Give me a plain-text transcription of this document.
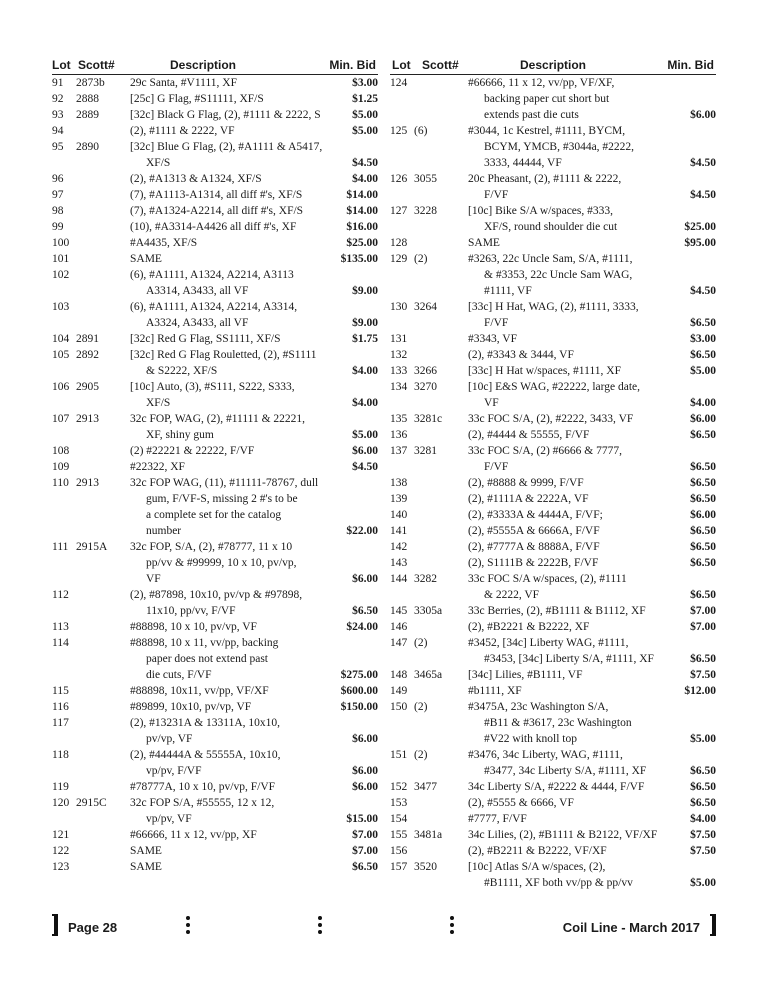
Lot Scott#	Description	Min. Bid
91	2873b	29c Santa, #V1111, XF	$3.00
92	2888	[25c] G Flag, #S11111, XF/S	$1.25
93	2889	[32c] Black G Flag, (2), #1111 & 2222, S	$5.00
94	(2), #1111 & 2222, VF	$5.00
95	2890	[32c] Blue G Flag, (2), #A1111 & A5417,
XF/S	$4.50
96	(2), #A1313 & A1324, XF/S	$4.00
97	(7), #A1113-A1314, all diff #'s, XF/S	$14.00
98	(7), #A1324-A2214, all diff #'s, XF/S	$14.00
99	(10), #A3314-A4426 all diff #'s, XF	$16.00
100	#A4435, XF/S	$25.00
101	SAME	$135.00
102	(6), #A1111, A1324, A2214, A3113
A3314, A3433, all VF	$9.00
103	(6), #A1111, A1324, A2214, A3314,
A3324, A3433, all VF	$9.00
104 2891	[32c] Red G Flag, SS1111, XF/S	$1.75
105 2892	[32c] Red G Flag Rouletted, (2), #S1111
& S2222, XF/S	$4.00
106 2905	[10c] Auto, (3), #S111, S222, S333,
XF/S	$4.00
107 2913	32c FOP, WAG, (2), #11111 & 22221,
XF, shiny gum	$5.00
108	(2) #22221 & 22222, F/VF	$6.00
109	#22322, XF	$4.50
110 2913	32c FOP WAG, (11), #11111-78767, dull
gum, F/VF-S, missing 2 #'s to be
a complete set for the catalog
number	$22.00
111 2915A	32c FOP, S/A, (2), #78777, 11 x 10
pp/vv & #99999, 10 x 10, pv/vp,
VF	$6.00
112	(2), #87898, 10x10, pv/vp & #97898,
11x10, pp/vv, F/VF	$6.50
113	#88898, 10 x 10, pv/vp, VF	$24.00
114	#88898, 10 x 11, vv/pp, backing
paper does not extend past
die cuts, F/VF	$275.00
115	#88898, 10x11, vv/pp, VF/XF	$600.00
116	#89899, 10x10, pv/vp, VF	$150.00
117	(2), #13231A & 13311A, 10x10,
pv/vp, VF	$6.00
118	(2), #44444A & 55555A, 10x10,
vp/pv, F/VF	$6.00
119	#78777A, 10 x 10, pv/vp, F/VF	$6.00
120 2915C	32c FOP S/A, #55555, 12 x 12,
vp/pv, VF	$15.00
121	#66666, 11 x 12, vv/pp, XF	$7.00
122	SAME	$7.00
123	SAME	$6.50
Lot Scott#	Description	Min. Bid
124	#66666, 11 x 12, vv/pp, VF/XF,
backing paper cut short but
extends past die cuts	$6.00
125 (6)	#3044, 1c Kestrel, #1111, BYCM,
BCYM, YMCB, #3044a, #2222,
3333, 44444, VF	$4.50
126 3055	20c Pheasant, (2), #1111 & 2222,
F/VF	$4.50
127 3228	[10c] Bike S/A w/spaces, #333,
XF/S, round shoulder die cut	$25.00
128	SAME	$95.00
129 (2)	#3263, 22c Uncle Sam, S/A, #1111,
& #3353, 22c Uncle Sam WAG,
#1111, VF	$4.50
130 3264	[33c] H Hat, WAG, (2), #1111, 3333,
F/VF	$6.50
131	#3343, VF	$3.00
132	(2), #3343 & 3444, VF	$6.50
133 3266	[33c] H Hat w/spaces, #1111, XF	$5.00
134 3270	[10c] E&S WAG, #22222, large date,
VF	$4.00
135 3281c	33c FOC S/A, (2), #2222, 3433, VF	$6.00
136	(2), #4444 & 55555, F/VF	$6.50
137 3281	33c FOC S/A, (2) #6666 & 7777,
F/VF	$6.50
138	(2), #8888 & 9999, F/VF	$6.50
139	(2), #1111A & 2222A, VF	$6.50
140	(2), #3333A & 4444A, F/VF;	$6.00
141	(2), #5555A & 6666A, F/VF	$6.50
142	(2), #7777A & 8888A, F/VF	$6.50
143	(2), S1111B & 2222B, F/VF	$6.50
144 3282	33c FOC S/A w/spaces, (2), #1111
& 2222, VF	$6.50
145 3305a	33c Berries, (2), #B1111 & B1112, XF	$7.00
146	(2), #B2221 & B2222, XF	$7.00
147 (2)	#3452, [34c] Liberty WAG, #1111,
#3453, [34c] Liberty S/A, #1111, XF	$6.50
148 3465a	[34c] Lilies, #B1111, VF	$7.50
149	#b1111, XF	$12.00
150 (2)	#3475A, 23c Washington S/A,
#B11 & #3617, 23c Washington
#V22 with knoll top	$5.00
151 (2)	#3476, 34c Liberty, WAG, #1111,
#3477, 34c Liberty S/A, #1111, XF	$6.50
152 3477	34c Liberty S/A, #2222 & 4444, F/VF	$6.50
153	(2), #5555 & 6666, VF	$6.50
154	#7777, F/VF	$4.00
155 3481a	34c Lilies, (2), #B1111 & B2122, VF/XF	$7.50
156	(2), #B2211 & B2222, VF/XF	$7.50
157 3520	[10c] Atlas S/A w/spaces, (2),
#B1111, XF both vv/pp & pp/vv	$5.00
Page 28	Coil Line - March 2017
